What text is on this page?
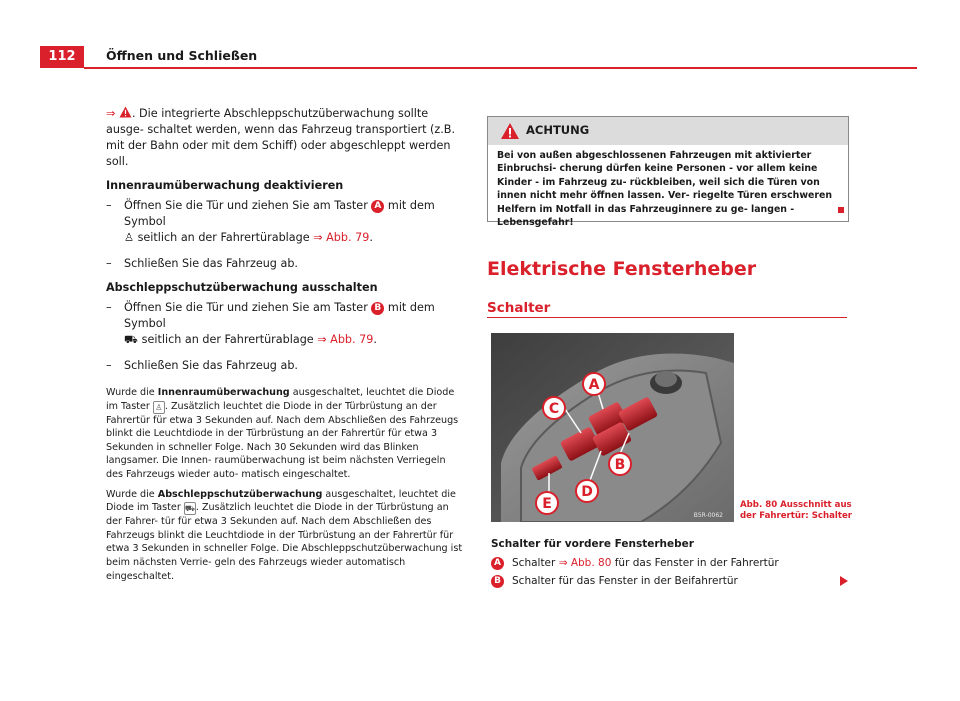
112	Öffnen und Schließen

⇒ . Die integrierte Abschleppschutzüberwachung sollte ausge- schaltet werden, wenn das Fahrzeug transportiert (z.B. mit der Bahn oder mit dem Schiff) oder abgeschleppt werden soll.

Innenraumüberwachung deaktivieren

– Öffnen Sie die Tür und ziehen Sie am Taster A mit dem Symbol
♙ seitlich an der Fahrertürablage ⇒ Abb. 79.
– Schließen Sie das Fahrzeug ab.

Abschleppschutzüberwachung ausschalten

– Öffnen Sie die Tür und ziehen Sie am Taster B mit dem Symbol
⛟ seitlich an der Fahrertürablage ⇒ Abb. 79.
– Schließen Sie das Fahrzeug ab.

Wurde die Innenraumüberwachung ausgeschaltet, leuchtet die Diode im Taster ♙ . Zusätzlich leuchtet die Diode in der Türbrüstung an der Fahrertür für etwa 3 Sekunden auf. Nach dem Abschließen des Fahrzeugs blinkt die Leuchtdiode in der Türbrüstung an der Fahrertür für etwa 3 Sekunden in schneller Folge. Nach 30 Sekunden wird das Blinken langsamer. Die Innen- raumüberwachung ist beim nächsten Verriegeln des Fahrzeugs wieder auto- matisch eingeschaltet.

Wurde die Abschleppschutzüberwachung ausgeschaltet, leuchtet die Diode im Taster ⛟. Zusätzlich leuchtet die Diode in der Türbrüstung an der Fahrer- tür für etwa 3 Sekunden auf. Nach dem Abschließen des Fahrzeugs blinkt die Leuchtdiode in der Türbrüstung an der Fahrertür für etwa 3 Sekunden in schneller Folge. Die Abschleppschutzüberwachung ist beim nächsten Verrie- geln des Fahrzeugs wieder automatisch eingeschaltet.

ACHTUNG
Bei von außen abgeschlossenen Fahrzeugen mit aktivierter Einbruchsi- cherung dürfen keine Personen - vor allem keine Kinder - im Fahrzeug zu- rückbleiben, weil sich die Türen von innen nicht mehr öffnen lassen. Ver- riegelte Türen erschweren Helfern im Notfall in das Fahrzeuginnere zu ge- langen - Lebensgefahr!
Elektrische Fensterheber
Schalter
A
C
B
D
E
B5R-0062
Abb. 80 Ausschnitt aus
der Fahrertür: Schalter
Schalter für vordere Fensterheber
A Schalter ⇒ Abb. 80 für das Fenster in der Fahrertür
B Schalter für das Fenster in der Beifahrertür
